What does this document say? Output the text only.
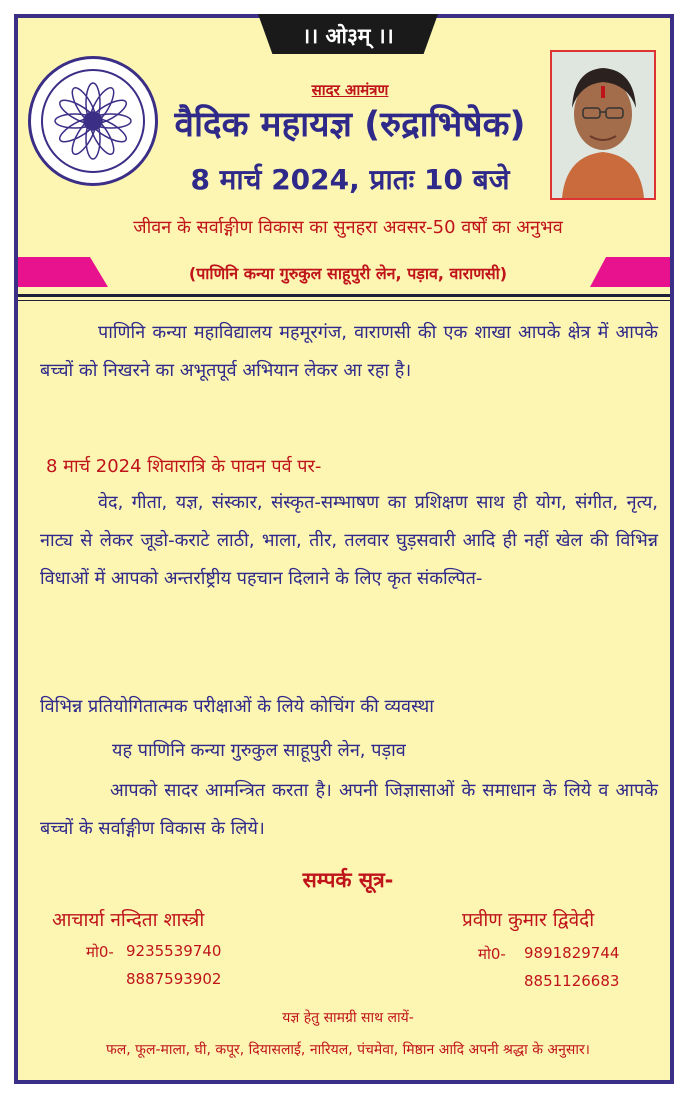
।। ओ३म् ।।
सादर आमंत्रण
वैदिक महायज्ञ (रुद्राभिषेक)
8 मार्च 2024, प्रातः 10 बजे
जीवन के सर्वाङ्गीण विकास का सुनहरा अवसर-50 वर्षों का अनुभव
(पाणिनि कन्या गुरुकुल साहूपुरी लेन, पड़ाव, वाराणसी)
पाणिनि कन्या महाविद्यालय महमूरगंज, वाराणसी की एक शाखा आपके क्षेत्र में आपके बच्चों को निखरने का अभूतपूर्व अभियान लेकर आ रहा है।
8 मार्च 2024 शिवारात्रि के पावन पर्व पर-
वेद, गीता, यज्ञ, संस्कार, संस्कृत-सम्भाषण का प्रशिक्षण साथ ही योग, संगीत, नृत्य, नाट्य से लेकर जूडो-कराटे लाठी, भाला, तीर, तलवार घुड़सवारी आदि ही नहीं खेल की विभिन्न विधाओं में आपको अन्तर्राष्ट्रीय पहचान दिलाने के लिए कृत संकल्पित-
विभिन्न प्रतियोगितात्मक परीक्षाओं के लिये कोचिंग की व्यवस्था
यह पाणिनि कन्या गुरुकुल साहूपुरी लेन, पड़ाव
आपको सादर आमन्त्रित करता है। अपनी जिज्ञासाओं के समाधान के लिये व आपके बच्चों के सर्वाङ्गीण विकास के लिये।
सम्पर्क सूत्र-
आचार्या नन्दिता शास्त्री
मो0- 9235539740
8887593902
प्रवीण कुमार द्विवेदी
मो0- 9891829744
8851126683
यज्ञ हेतु सामग्री साथ लायें-
फल, फूल-माला, घी, कपूर, दियासलाई, नारियल, पंचमेवा, मिष्ठान आदि अपनी श्रद्धा के अनुसार।
